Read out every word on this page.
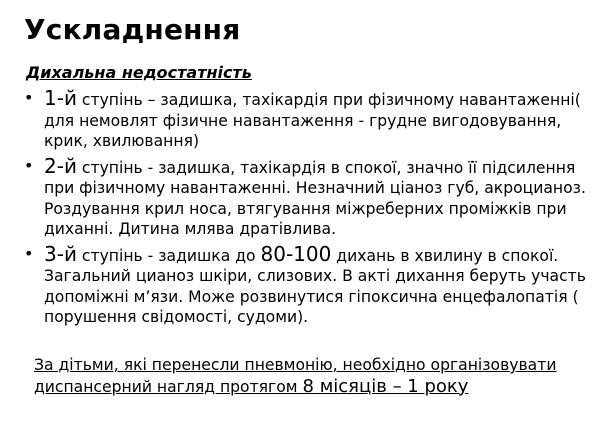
Ускладнення
Дихальна недостатність
• 1-й ступінь – задишка, тахікардія при фізичному навантаженні( для немовлят фізичне навантаження - грудне вигодовування, крик, хвилювання)
• 2-й ступінь - задишка, тахікардія в спокої, значно її підсилення при фізичному навантаженні. Незначний ціаноз губ, акроцианоз. Роздування крил носа, втягування міжреберних проміжків при диханні. Дитина млява дратівлива.
• 3-й ступінь - задишка до 80-100 дихань в хвилину в спокої. Загальний цианоз шкіри, слизових. В акті дихання беруть участь допоміжні м’язи. Може розвинутися гіпоксична енцефалопатія ( порушення свідомості, судоми).
За дітьми, які перенесли пневмонію, необхідно організовувати диспансерний нагляд протягом 8 місяців – 1 року
